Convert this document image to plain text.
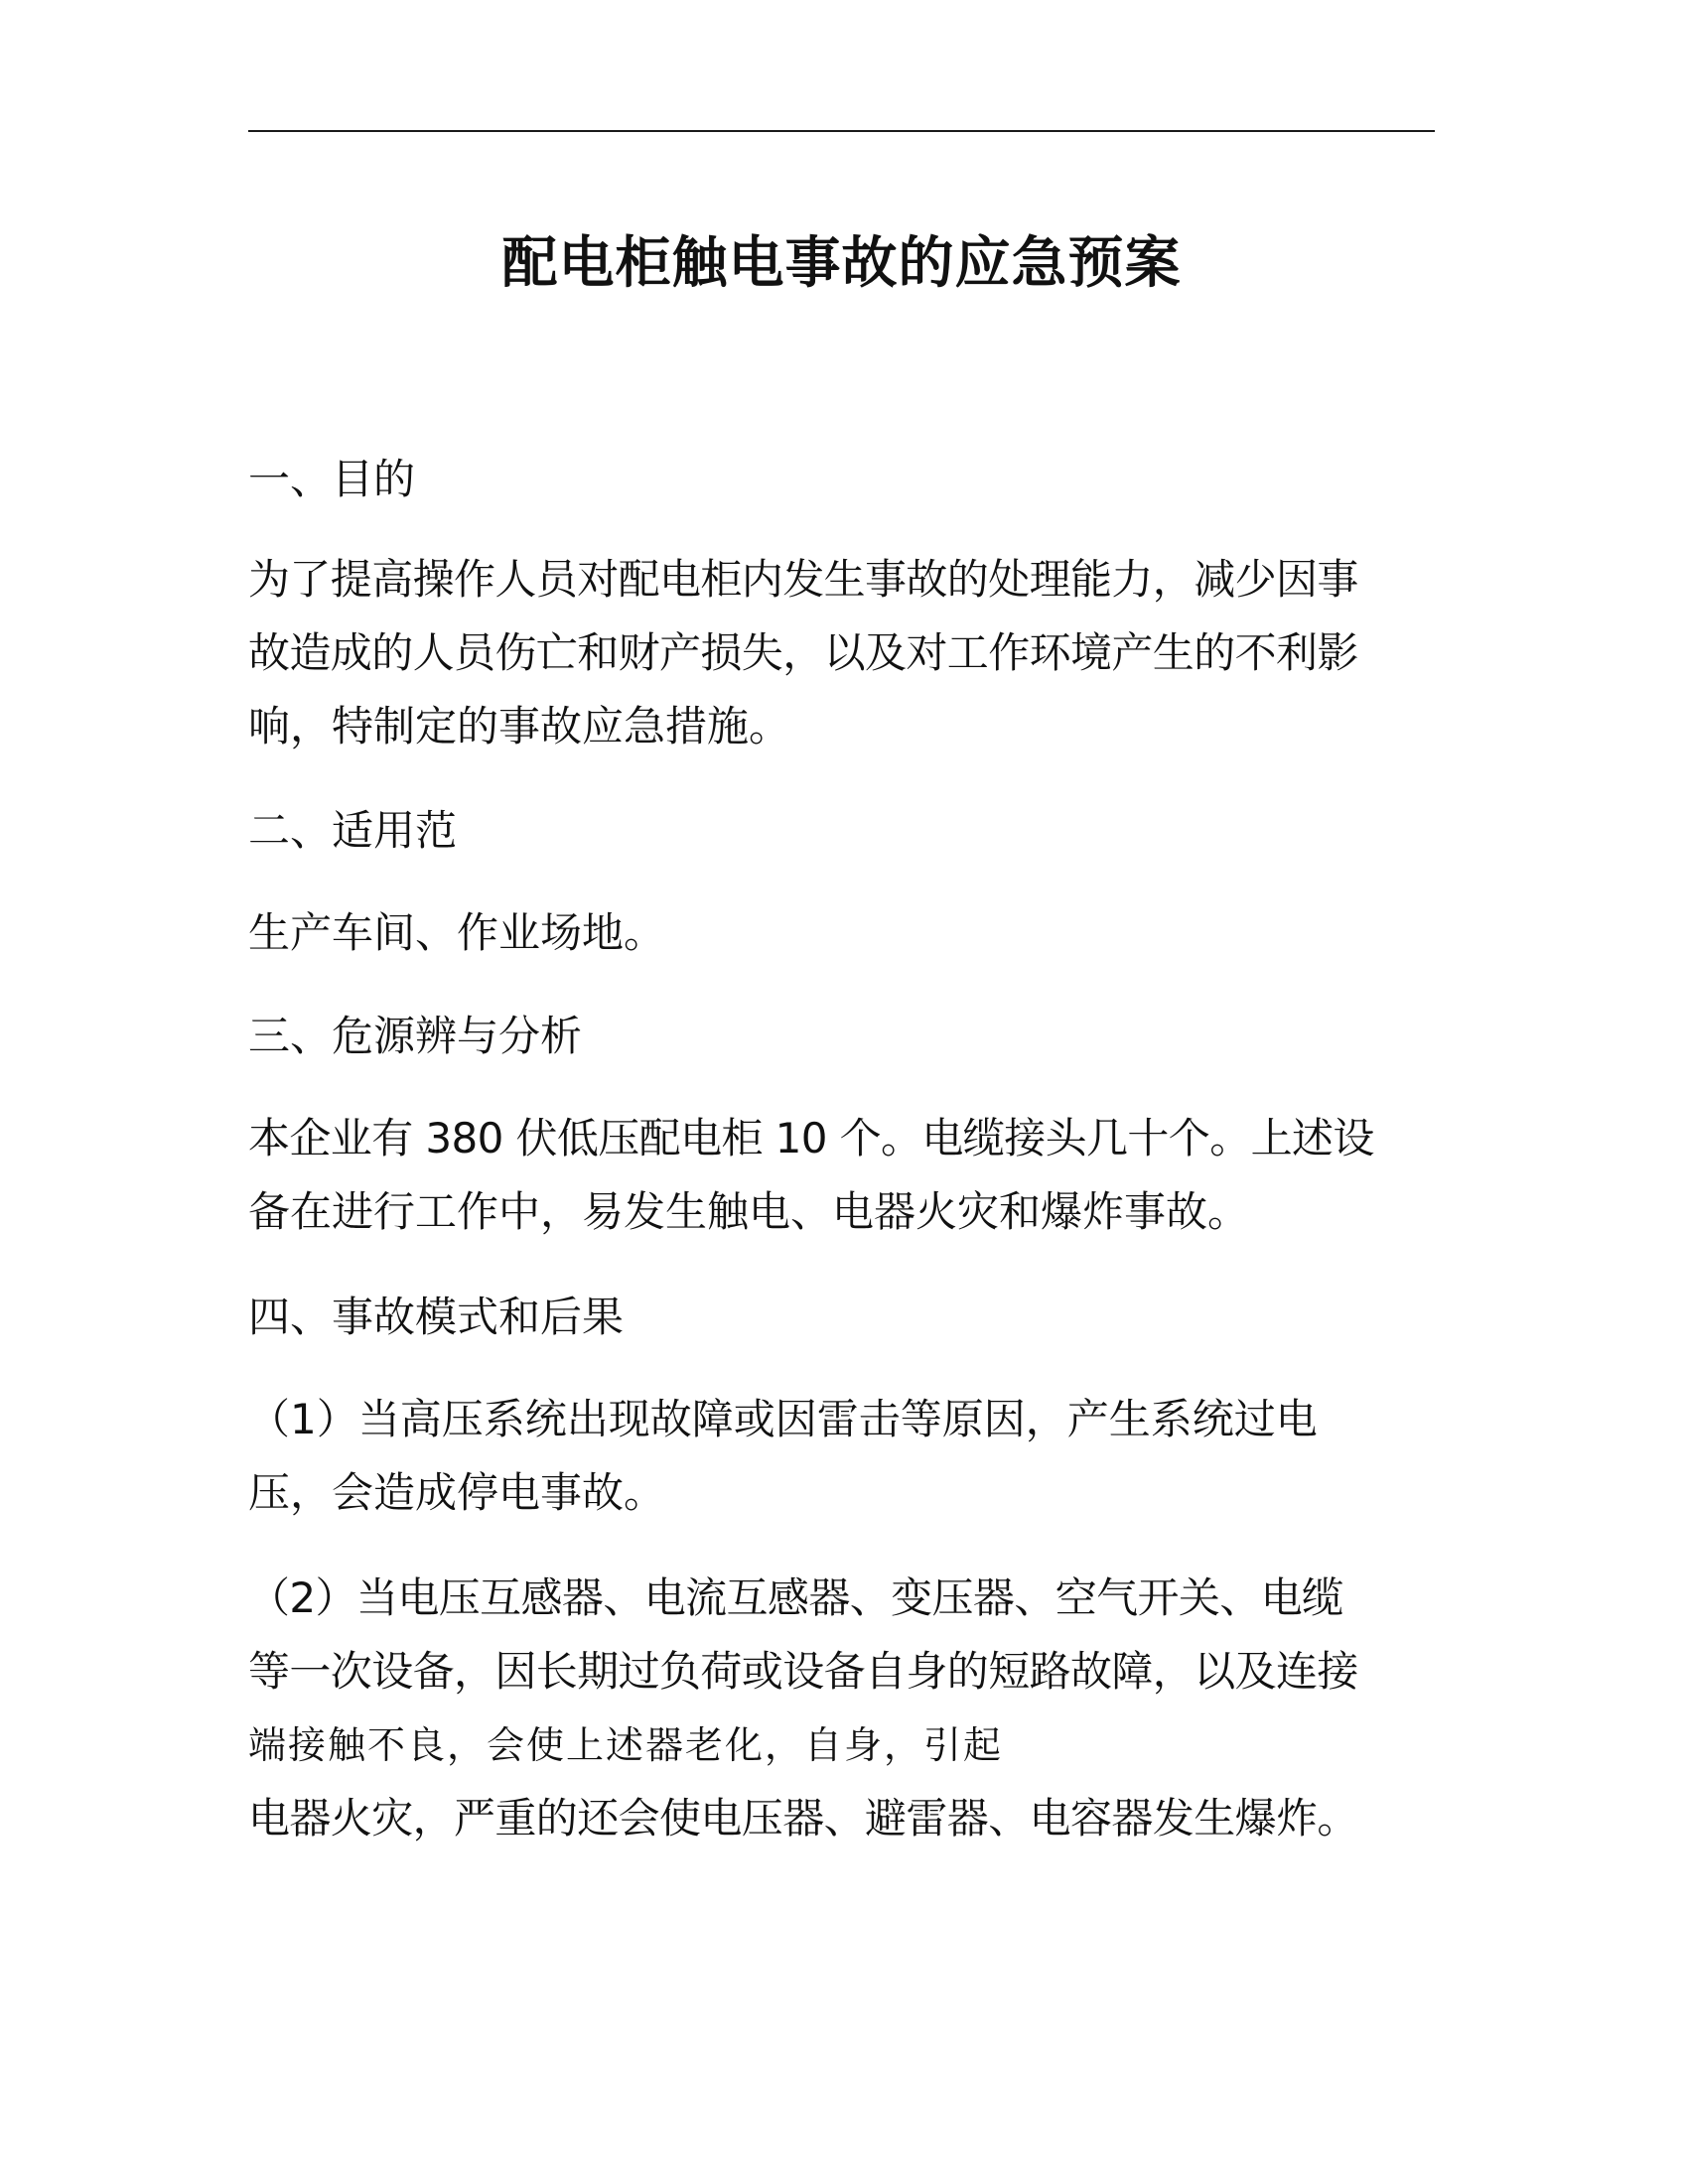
配电柜触电事故的应急预案
一、目的
为了提高操作人员对配电柜内发生事故的处理能力，减少因事
故造成的人员伤亡和财产损失，以及对工作环境产生的不利影
响，特制定的事故应急措施。
二、适用范
生产车间、作业场地。
三、危源辨与分析
本企业有 380 伏低压配电柜 10 个。电缆接头几十个。上述设
备在进行工作中，易发生触电、电器火灾和爆炸事故。
四、事故模式和后果
（1）当高压系统出现故障或因雷击等原因，产生系统过电
压，会造成停电事故。
（2）当电压互感器、电流互感器、变压器、空气开关、电缆
等一次设备，因长期过负荷或设备自身的短路故障，以及连接
端接触不良，会使上述器老化，自身，引起
电器火灾，严重的还会使电压器、避雷器、电容器发生爆炸。
